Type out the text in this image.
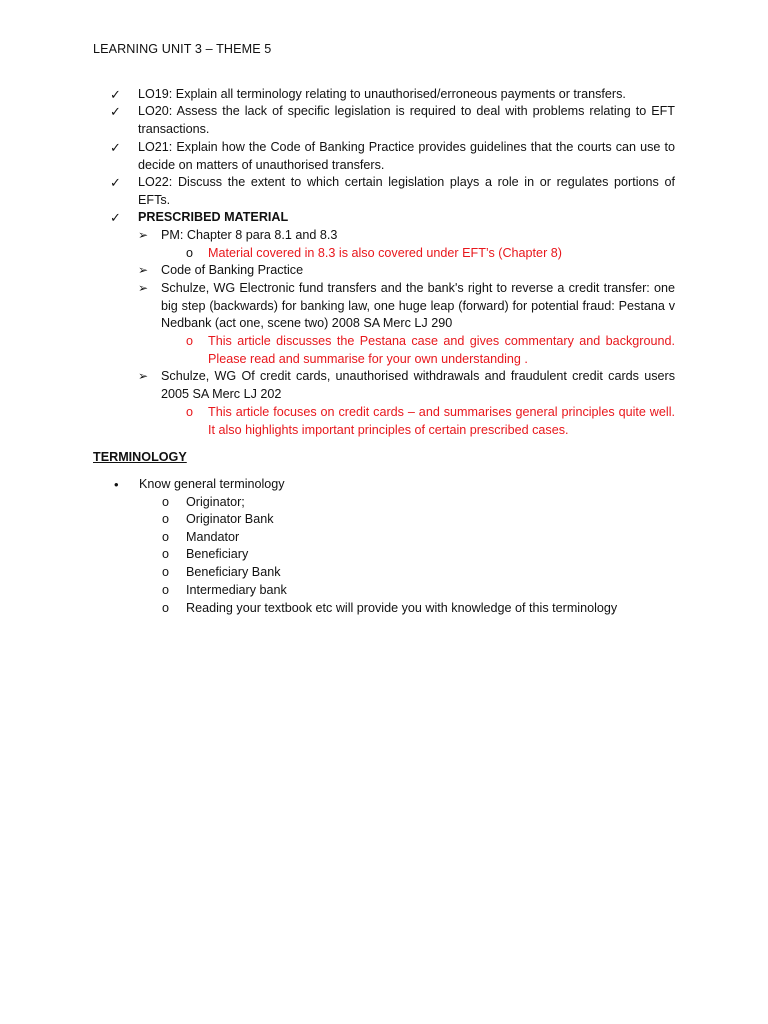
LEARNING UNIT 3 – THEME 5
✓ LO19: Explain all terminology relating to unauthorised/erroneous payments or transfers.
✓ LO20: Assess the lack of specific legislation is required to deal with problems relating to EFT transactions.
✓ LO21: Explain how the Code of Banking Practice provides guidelines that the courts can use to decide on matters of unauthorised transfers.
✓ LO22: Discuss the extent to which certain legislation plays a role in or regulates portions of EFTs.
✓ PRESCRIBED MATERIAL
➢ PM: Chapter 8 para 8.1 and 8.3
o Material covered in 8.3 is also covered under EFT’s (Chapter 8)
➢ Code of Banking Practice
➢ Schulze, WG Electronic fund transfers and the bank's right to reverse a credit transfer: one big step (backwards) for banking law, one huge leap (forward) for potential fraud: Pestana v Nedbank (act one, scene two) 2008 SA Merc LJ 290
o This article discusses the Pestana case and gives commentary and background. Please read and summarise for your own understanding .
➢ Schulze, WG Of credit cards, unauthorised withdrawals and fraudulent credit cards users 2005 SA Merc LJ 202
o This article focuses on credit cards – and summarises general principles quite well. It also highlights important principles of certain prescribed cases.
TERMINOLOGY
• Know general terminology
o Originator;
o Originator Bank
o Mandator
o Beneficiary
o Beneficiary Bank
o Intermediary bank
o Reading your textbook etc will provide you with knowledge of this terminology
